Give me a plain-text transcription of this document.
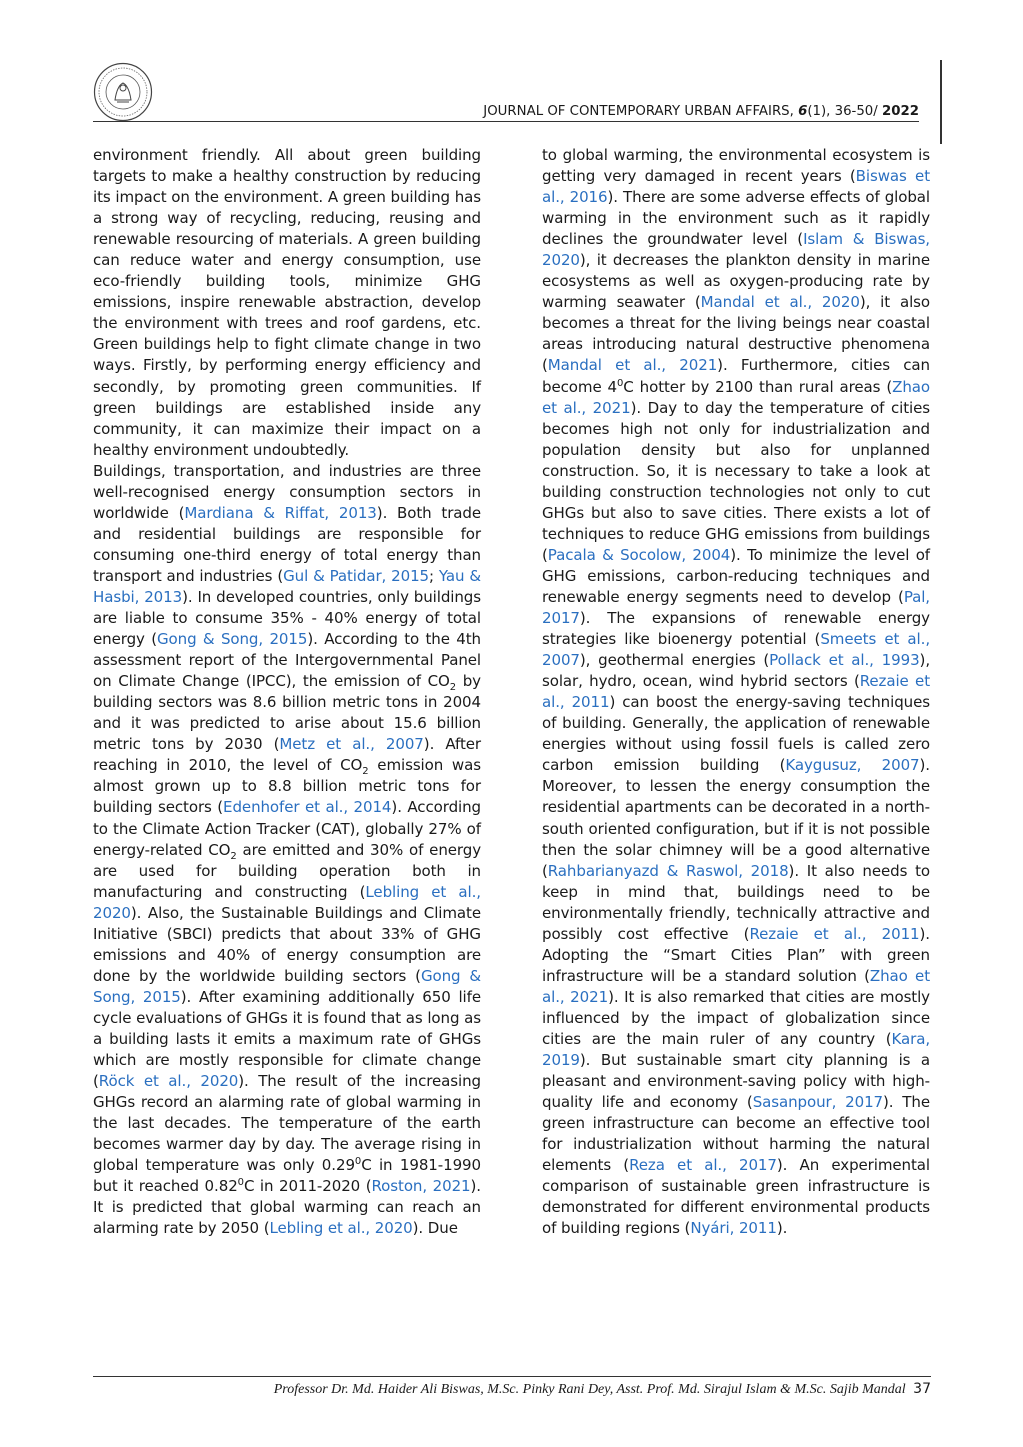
JOURNAL OF CONTEMPORARY URBAN AFFAIRS, 6(1), 36-50/ 2022

environment friendly. All about green building targets to make a healthy construction by reducing its impact on the environment. A green building has a strong way of recycling, reducing, reusing and renewable resourcing of materials. A green building can reduce water and energy consumption, use eco-friendly building tools, minimize GHG emissions, inspire renewable abstraction, develop the environment with trees and roof gardens, etc. Green buildings help to fight climate change in two ways. Firstly, by performing energy efficiency and secondly, by promoting green communities. If green buildings are established inside any community, it can maximize their impact on a healthy environment undoubtedly.

Buildings, transportation, and industries are three well-recognised energy consumption sectors in worldwide (Mardiana & Riffat, 2013). Both trade and residential buildings are responsible for consuming one-third energy of total energy than transport and industries (Gul & Patidar, 2015; Yau & Hasbi, 2013). In developed countries, only buildings are liable to consume 35% - 40% energy of total energy (Gong & Song, 2015). According to the 4th assessment report of the Intergovernmental Panel on Climate Change (IPCC), the emission of $CO_2$ by building sectors was 8.6 billion metric tons in 2004 and it was predicted to arise about 15.6 billion metric tons by 2030 (Metz et al., 2007). After reaching in 2010, the level of $CO_2$ emission was almost grown up to 8.8 billion metric tons for building sectors (Edenhofer et al., 2014). According to the Climate Action Tracker (CAT), globally 27% of energy-related $CO_2$ are emitted and 30% of energy are used for building operation both in manufacturing and constructing (Lebling et al., 2020). Also, the Sustainable Buildings and Climate Initiative (SBCI) predicts that about 33% of GHG emissions and 40% of energy consumption are done by the worldwide building sectors (Gong & Song, 2015). After examining additionally 650 life cycle evaluations of GHGs it is found that as long as a building lasts it emits a maximum rate of GHGs which are mostly responsible for climate change (Röck et al., 2020). The result of the increasing GHGs record an alarming rate of global warming in the last decades. The temperature of the earth becomes warmer day by day. The average rising in global temperature was only 0.29$^0$C in 1981-1990 but it reached 0.82$^0$C in 2011-2020 (Roston, 2021). It is predicted that global warming can reach an alarming rate by 2050 (Lebling et al., 2020). Due

to global warming, the environmental ecosystem is getting very damaged in recent years (Biswas et al., 2016). There are some adverse effects of global warming in the environment such as it rapidly declines the groundwater level (Islam & Biswas, 2020), it decreases the plankton density in marine ecosystems as well as oxygen-producing rate by warming seawater (Mandal et al., 2020), it also becomes a threat for the living beings near coastal areas introducing natural destructive phenomena (Mandal et al., 2021). Furthermore, cities can become $4^0C$ hotter by 2100 than rural areas (Zhao et al., 2021). Day to day the temperature of cities becomes high not only for industrialization and population density but also for unplanned construction. So, it is necessary to take a look at building construction technologies not only to cut GHGs but also to save cities. There exists a lot of techniques to reduce GHG emissions from buildings (Pacala & Socolow, 2004). To minimize the level of GHG emissions, carbon-reducing techniques and renewable energy segments need to develop (Pal, 2017). The expansions of renewable energy strategies like bioenergy potential (Smeets et al., 2007), geothermal energies (Pollack et al., 1993), solar, hydro, ocean, wind hybrid sectors (Rezaie et al., 2011) can boost the energy-saving techniques of building. Generally, the application of renewable energies without using fossil fuels is called zero carbon emission building (Kaygusuz, 2007). Moreover, to lessen the energy consumption the residential apartments can be decorated in a north-south oriented configuration, but if it is not possible then the solar chimney will be a good alternative (Rahbarianyazd & Raswol, 2018). It also needs to keep in mind that, buildings need to be environmentally friendly, technically attractive and possibly cost effective (Rezaie et al., 2011). Adopting the “Smart Cities Plan” with green infrastructure will be a standard solution (Zhao et al., 2021). It is also remarked that cities are mostly influenced by the impact of globalization since cities are the main ruler of any country (Kara, 2019). But sustainable smart city planning is a pleasant and environment-saving policy with high-quality life and economy (Sasanpour, 2017). The green infrastructure can become an effective tool for industrialization without harming the natural elements (Reza et al., 2017). An experimental comparison of sustainable green infrastructure is demonstrated for different environmental products of building regions (Nyári, 2011).

Professor Dr. Md. Haider Ali Biswas, M.Sc. Pinky Rani Dey, Asst. Prof. Md. Sirajul Islam & M.Sc. Sajib Mandal 37
